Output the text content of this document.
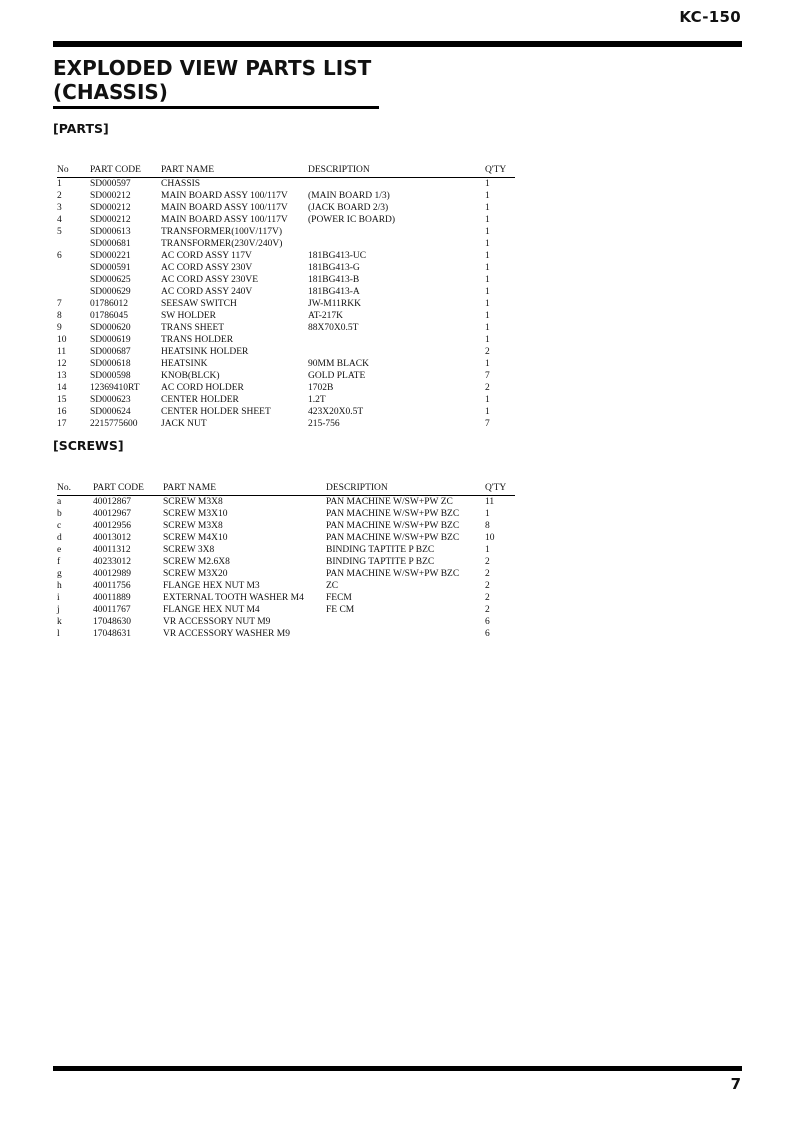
KC-150
EXPLODED VIEW PARTS LIST
(CHASSIS)
[PARTS]
No	PART CODE	PART NAME	DESCRIPTION	Q'TY
1	SD000597	CHASSIS		1
2	SD000212	MAIN BOARD ASSY 100/117V	(MAIN BOARD 1/3)	1
3	SD000212	MAIN BOARD ASSY 100/117V	(JACK BOARD 2/3)	1
4	SD000212	MAIN BOARD ASSY 100/117V	(POWER IC BOARD)	1
5	SD000613	TRANSFORMER(100V/117V)		1
	SD000681	TRANSFORMER(230V/240V)		1
6	SD000221	AC CORD ASSY 117V	181BG413-UC	1
	SD000591	AC CORD ASSY 230V	181BG413-G	1
	SD000625	AC CORD ASSY 230VE	181BG413-B	1
	SD000629	AC CORD ASSY 240V	181BG413-A	1
7	01786012	SEESAW SWITCH	JW-M11RKK	1
8	01786045	SW HOLDER	AT-217K	1
9	SD000620	TRANS SHEET	88X70X0.5T	1
10	SD000619	TRANS HOLDER		1
11	SD000687	HEATSINK HOLDER		2
12	SD000618	HEATSINK	90MM BLACK	1
13	SD000598	KNOB(BLCK)	GOLD PLATE	7
14	12369410RT	AC CORD HOLDER	1702B	2
15	SD000623	CENTER HOLDER	1.2T	1
16	SD000624	CENTER HOLDER SHEET	423X20X0.5T	1
17	2215775600	JACK NUT	215-756	7
[SCREWS]
No.	PART CODE	PART NAME	DESCRIPTION	Q'TY
a	40012867	SCREW M3X8	PAN MACHINE W/SW+PW ZC	11
b	40012967	SCREW M3X10	PAN MACHINE W/SW+PW BZC	1
c	40012956	SCREW M3X8	PAN MACHINE W/SW+PW BZC	8
d	40013012	SCREW M4X10	PAN MACHINE W/SW+PW BZC	10
e	40011312	SCREW 3X8	BINDING TAPTITE P BZC	1
f	40233012	SCREW M2.6X8	BINDING TAPTITE P BZC	2
g	40012989	SCREW M3X20	PAN MACHINE W/SW+PW BZC	2
h	40011756	FLANGE HEX NUT M3	ZC	2
i	40011889	EXTERNAL TOOTH WASHER M4	FECM	2
j	40011767	FLANGE HEX NUT M4	FE CM	2
k	17048630	VR ACCESSORY NUT M9		6
l	17048631	VR ACCESSORY WASHER M9		6
7
